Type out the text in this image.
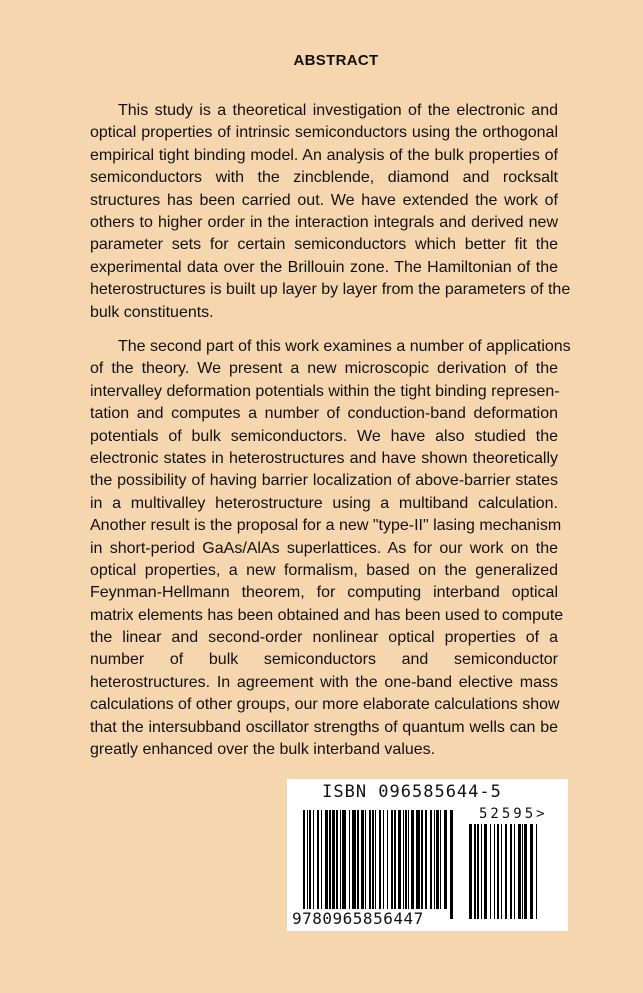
ABSTRACT
This study is a theoretical investigation of the electronic and
optical properties of intrinsic semiconductors using the orthogonal
empirical tight binding model. An analysis of the bulk properties of
semiconductors with the zincblende, diamond and rocksalt
structures has been carried out. We have extended the work of
others to higher order in the interaction integrals and derived new
parameter sets for certain semiconductors which better fit the
experimental data over the Brillouin zone. The Hamiltonian of the
heterostructures is built up layer by layer from the parameters of the
bulk constituents.
The second part of this work examines a number of applications
of the theory. We present a new microscopic derivation of the
intervalley deformation potentials within the tight binding represen-
tation and computes a number of conduction-band deformation
potentials of bulk semiconductors. We have also studied the
electronic states in heterostructures and have shown theoretically
the possibility of having barrier localization of above-barrier states
in a multivalley heterostructure using a multiband calculation.
Another result is the proposal for a new "type-II" lasing mechanism
in short-period GaAs/AlAs superlattices. As for our work on the
optical properties, a new formalism, based on the generalized
Feynman-Hellmann theorem, for computing interband optical
matrix elements has been obtained and has been used to compute
the linear and second-order nonlinear optical properties of a
number of bulk semiconductors and semiconductor
heterostructures. In agreement with the one-band elective mass
calculations of other groups, our more elaborate calculations show
that the intersubband oscillator strengths of quantum wells can be
greatly enhanced over the bulk interband values.
ISBN 096585644-5
52595>
9780965856447
